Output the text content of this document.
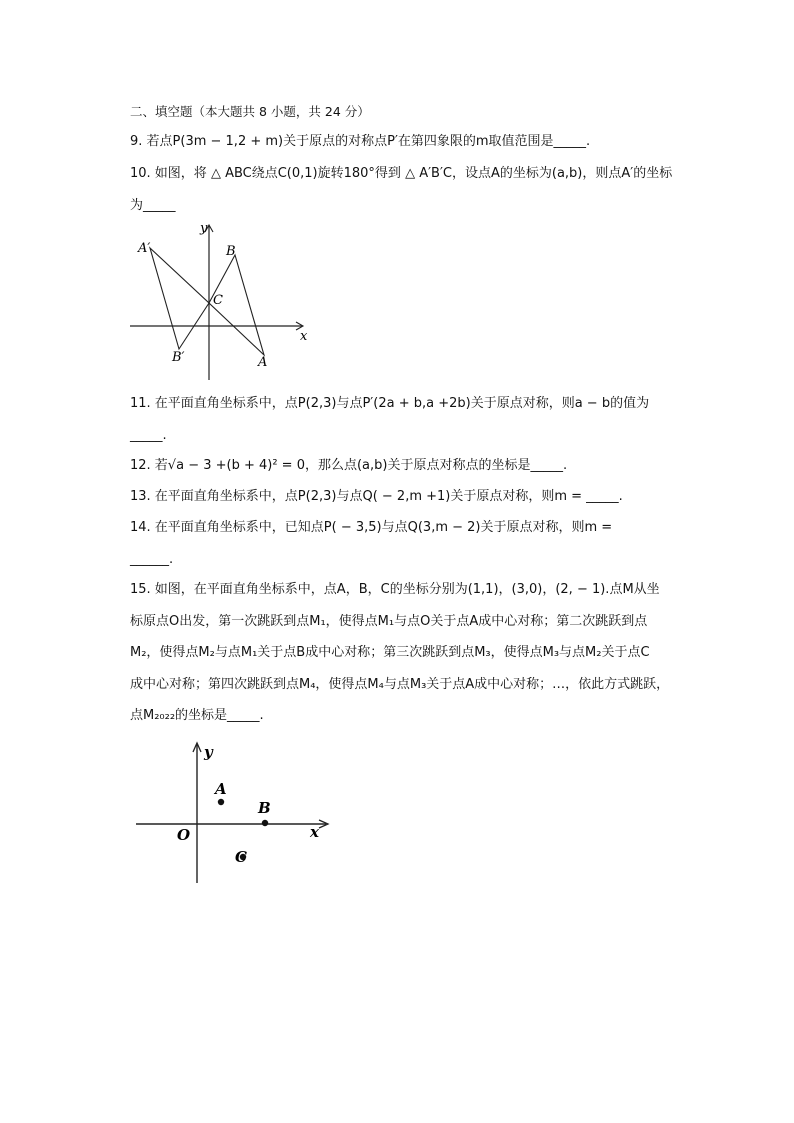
二、填空题（本大题共 8 小题，共 24 分）
9. 若点P(3m − 1,2 + m)关于原点的对称点P′在第四象限的m取值范围是_____.
10. 如图，将 △ ABC绕点C(0,1)旋转180°得到 △ A′B′C，设点A的坐标为(a,b)，则点A′的坐标
为_____
y
x
A′	B
C
B′	A
11. 在平面直角坐标系中，点P(2,3)与点P′(2a + b,a +2b)关于原点对称，则a − b的值为
_____.
12. 若√a − 3 +(b + 4)² = 0，那么点(a,b)关于原点对称点的坐标是_____.
13. 在平面直角坐标系中，点P(2,3)与点Q( − 2,m +1)关于原点对称，则m = _____.
14. 在平面直角坐标系中，已知点P( − 3,5)与点Q(3,m − 2)关于原点对称，则m =
______.
15. 如图，在平面直角坐标系中，点A，B，C的坐标分别为(1,1)，(3,0)，(2, − 1).点M从坐
标原点O出发，第一次跳跃到点M₁，使得点M₁与点O关于点A成中心对称；第二次跳跃到点
M₂，使得点M₂与点M₁关于点B成中心对称；第三次跳跃到点M₃，使得点M₃与点M₂关于点C
成中心对称；第四次跳跃到点M₄，使得点M₄与点M₃关于点A成中心对称；…，依此方式跳跃，
点M₂₀₂₂的坐标是_____.
y
x
O
A
B
C
